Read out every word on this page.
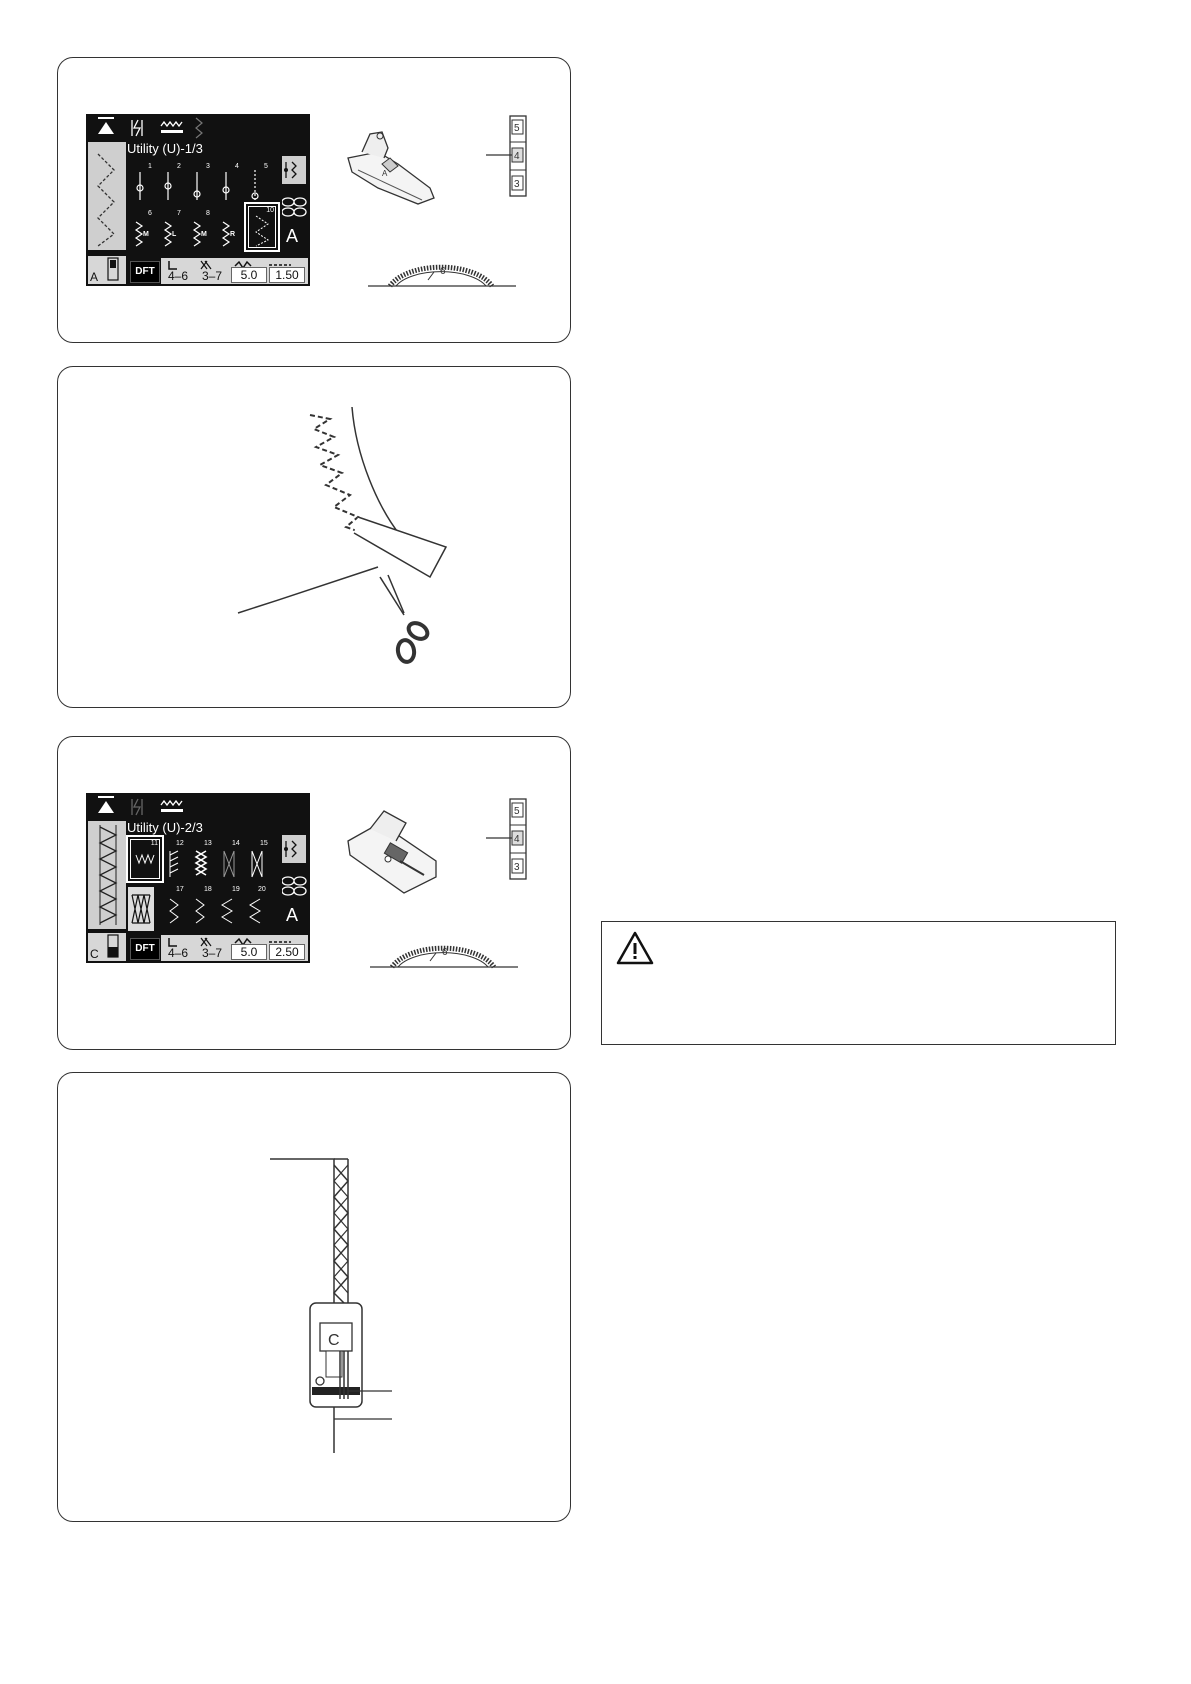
Utility (U)-1/3
1	2	3	4	5
6	7	8
M	L	M	R
10
A
A	DFT	4–6	3–7	5.0	1.50
A
5
4
3
6
Utility (U)-2/3
11	12	13	14	15
17	18	19	20
A
C	DFT	4–6	3–7	5.0	2.50
5
4
3
6
C
